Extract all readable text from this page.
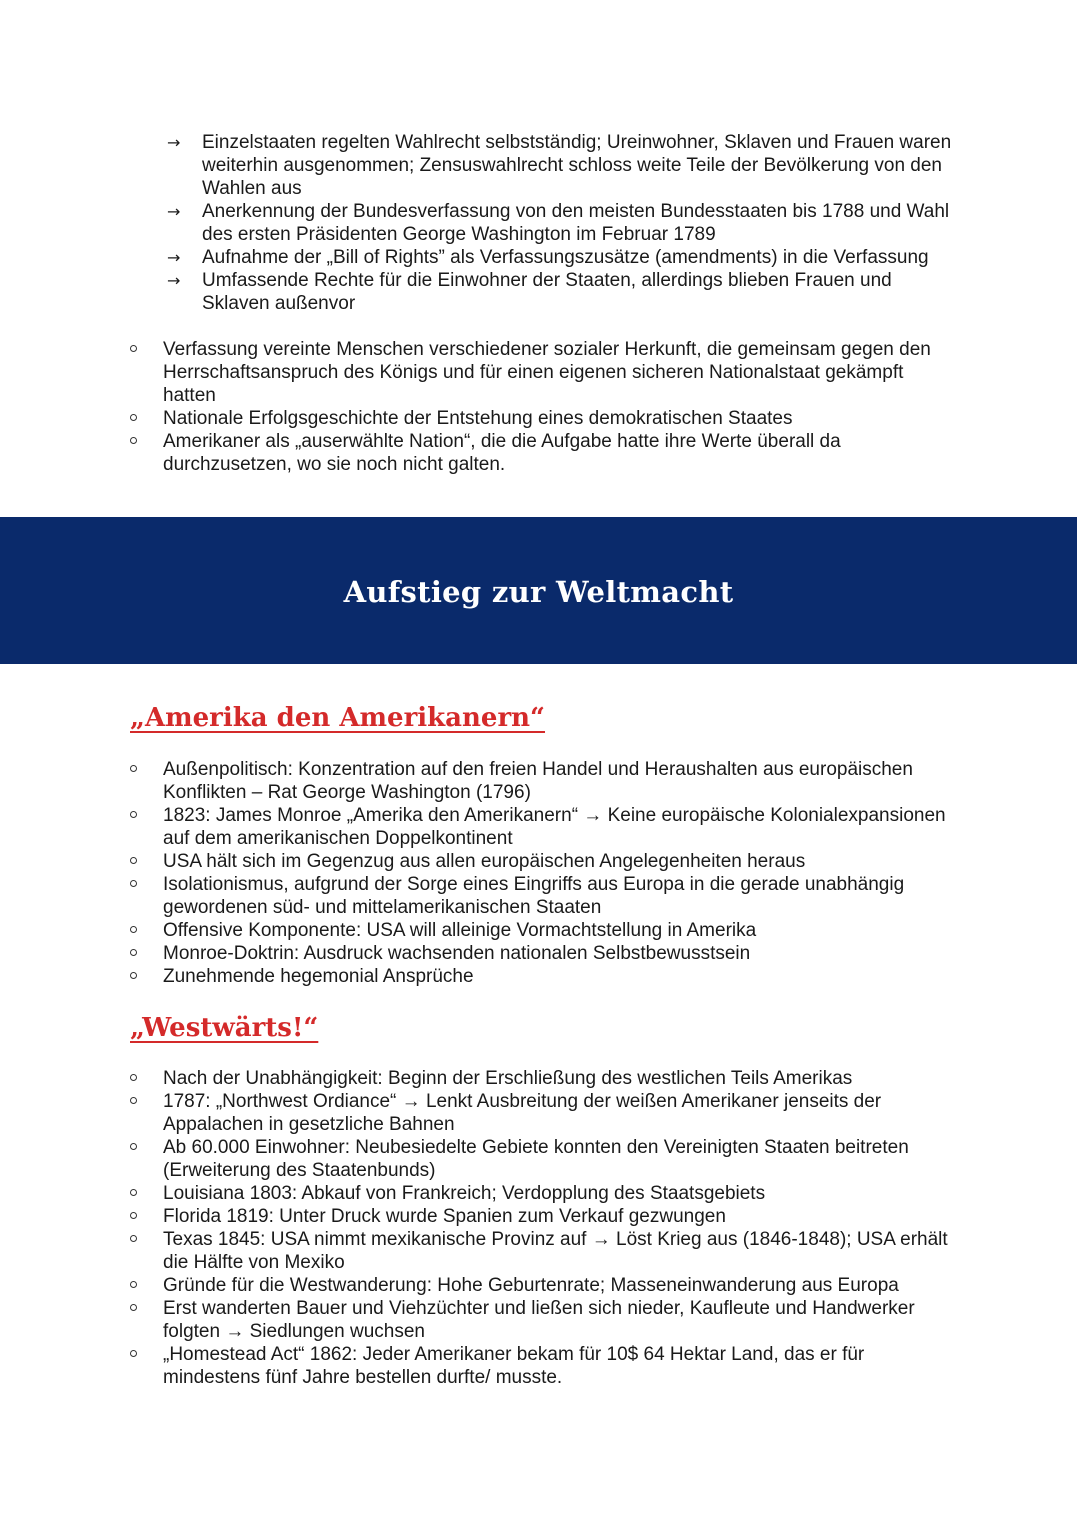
→	Einzelstaaten regelten Wahlrecht selbstständig; Ureinwohner, Sklaven und Frauen waren weiterhin ausgenommen; Zensuswahlrecht schloss weite Teile der Bevölkerung von den Wahlen aus
→	Anerkennung der Bundesverfassung von den meisten Bundesstaaten bis 1788 und Wahl des ersten Präsidenten George Washington im Februar 1789
→	Aufnahme der „Bill of Rights” als Verfassungszusätze (amendments) in die Verfassung
→	Umfassende Rechte für die Einwohner der Staaten, allerdings blieben Frauen und Sklaven außenvor
Verfassung vereinte Menschen verschiedener sozialer Herkunft, die gemeinsam gegen den Herrschaftsanspruch des Königs und für einen eigenen sicheren Nationalstaat gekämpft hatten
Nationale Erfolgsgeschichte der Entstehung eines demokratischen Staates
Amerikaner als „auserwählte Nation“, die die Aufgabe hatte ihre Werte überall da durchzusetzen, wo sie noch nicht galten.
Aufstieg zur Weltmacht
„Amerika den Amerikanern“
Außenpolitisch: Konzentration auf den freien Handel und Heraushalten aus europäischen Konflikten – Rat George Washington (1796)
1823: James Monroe „Amerika den Amerikanern“ → Keine europäische Kolonialexpansionen auf dem amerikanischen Doppelkontinent
USA hält sich im Gegenzug aus allen europäischen Angelegenheiten heraus
Isolationismus, aufgrund der Sorge eines Eingriffs aus Europa in die gerade unabhängig gewordenen süd- und mittelamerikanischen Staaten
Offensive Komponente: USA will alleinige Vormachtstellung in Amerika
Monroe-Doktrin: Ausdruck wachsenden nationalen Selbstbewusstsein
Zunehmende hegemonial Ansprüche
„Westwärts!“
Nach der Unabhängigkeit: Beginn der Erschließung des westlichen Teils Amerikas
1787: „Northwest Ordiance“ → Lenkt Ausbreitung der weißen Amerikaner jenseits der Appalachen in gesetzliche Bahnen
Ab 60.000 Einwohner: Neubesiedelte Gebiete konnten den Vereinigten Staaten beitreten (Erweiterung des Staatenbunds)
Louisiana 1803: Abkauf von Frankreich; Verdopplung des Staatsgebiets
Florida 1819: Unter Druck wurde Spanien zum Verkauf gezwungen
Texas 1845: USA nimmt mexikanische Provinz auf → Löst Krieg aus (1846-1848); USA erhält die Hälfte von Mexiko
Gründe für die Westwanderung: Hohe Geburtenrate; Masseneinwanderung aus Europa
Erst wanderten Bauer und Viehzüchter und ließen sich nieder, Kaufleute und Handwerker folgten → Siedlungen wuchsen
„Homestead Act“ 1862: Jeder Amerikaner bekam für 10$ 64 Hektar Land, das er für mindestens fünf Jahre bestellen durfte/ musste.
